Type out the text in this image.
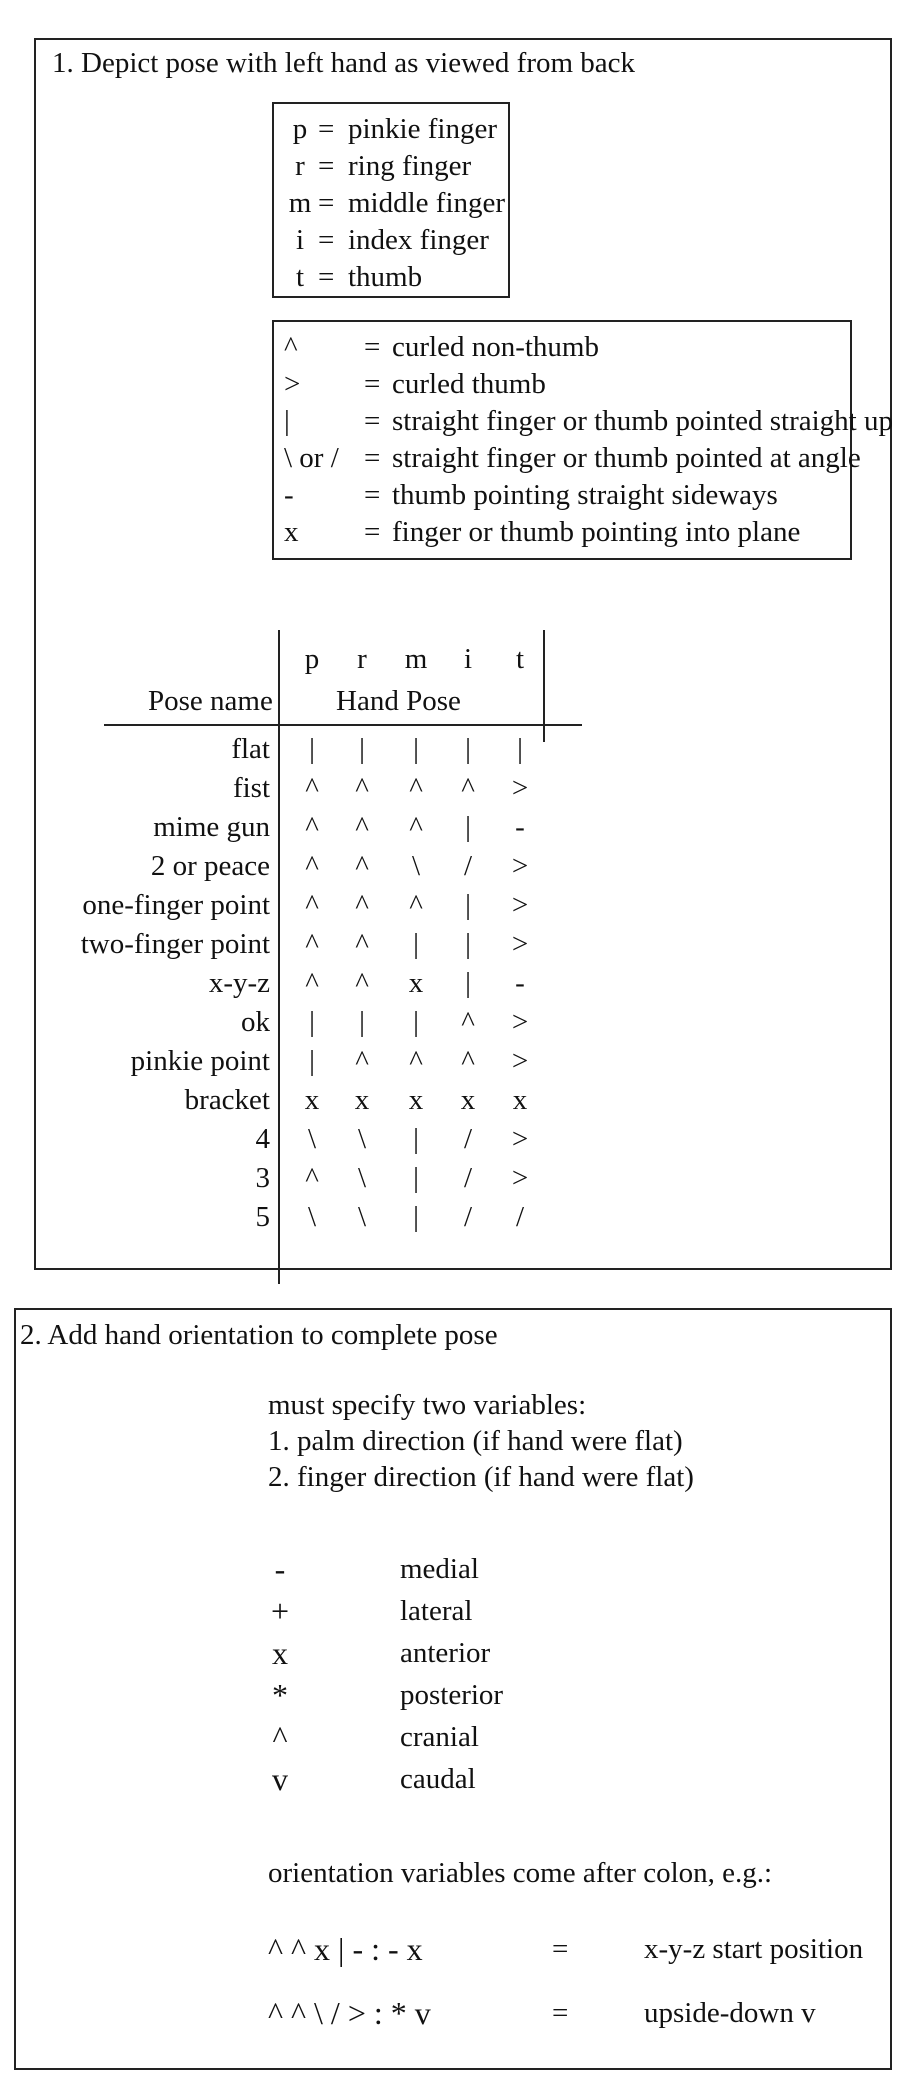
1. Depict pose with left hand as viewed from back
p = pinkie finger
r = ring finger
m = middle finger
i = index finger
t = thumb
^ = curled non-thumb
> = curled thumb
|	= straight finger or thumb pointed straight up
\ or / = straight finger or thumb pointed at angle
- = thumb pointing straight sideways
x = finger or thumb pointing into plane
Pose name Hand Pose
p	r	m	i	t
flat	|	|	|	|	|
fist ^ ^ ^ ^ >
mime gun ^ ^ ^	|	-
2 or peace ^ ^	\	/	>
one-finger point ^ ^ ^	|	>
two-finger point ^ ^	|	|	>
x-y-z ^ ^ x	|	-
ok	|	|	|	^ >
pinkie point	|	^ ^ ^ >
bracket x x x x x
4	\	\	|	/	>
3 ^	\	|	/	>
5	\	\	|	/	/
2. Add hand orientation to complete pose
must specify two variables:
1. palm direction (if hand were flat)
2. finger direction (if hand were flat)
-	medial
+	lateral
x	anterior
*	posterior
^	cranial
v	caudal
orientation variables come after colon, e.g.:
^ ^ x | - : - x	=	x-y-z start position
^ ^ \ / > : * v	=	upside-down v
